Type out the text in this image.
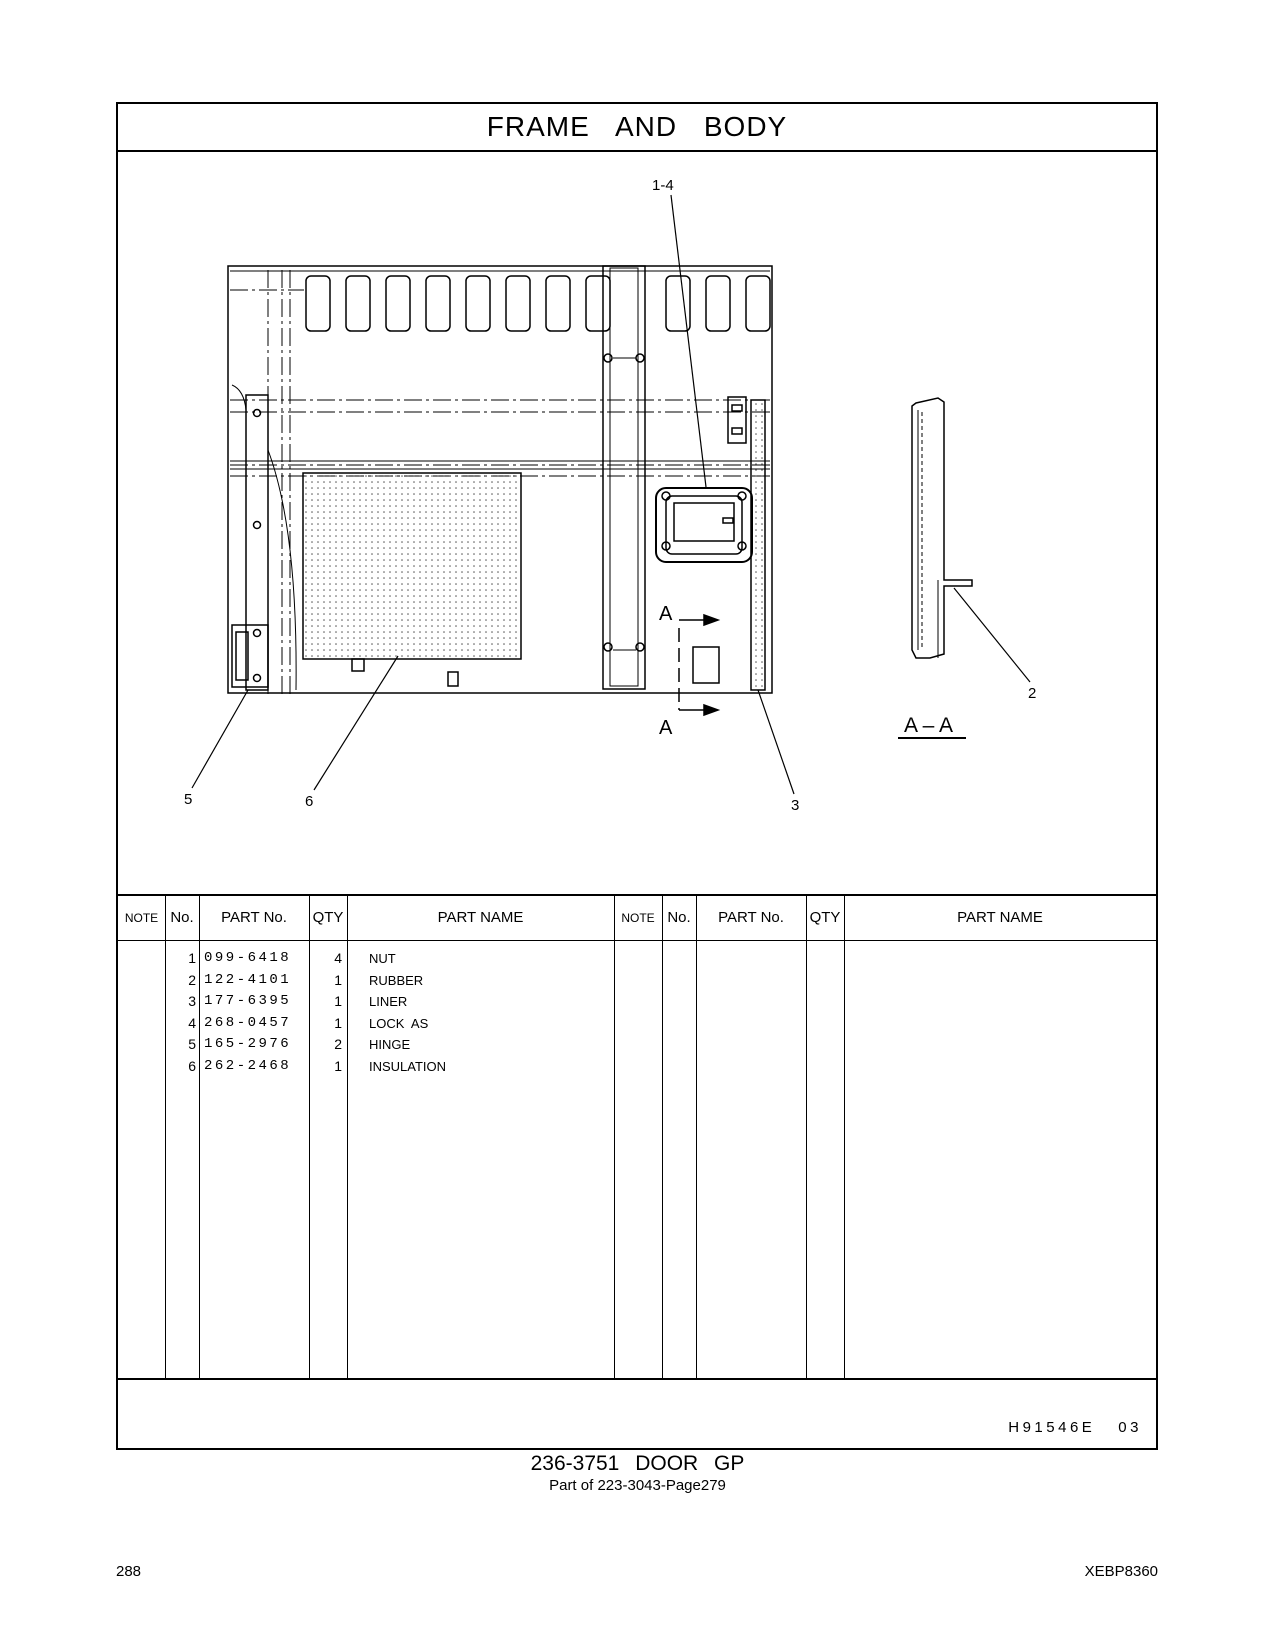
FRAME AND BODY
1-4
2
3
5	6
A
A	A – A
NOTE No.	PART No.	QTY	PART NAME	NOTE No.	PART No.	QTY	PART NAME
1 099-6418	4 NUT
2 122-4101	1 RUBBER
3 177-6395	1 LINER
4 268-0457	1 LOCK  AS
5 165-2976	2 HINGE
6 262-2468	1 INSULATION
H91546E   03
236-3751 DOOR GP
Part of 223-3043-Page279
288	XEBP8360
